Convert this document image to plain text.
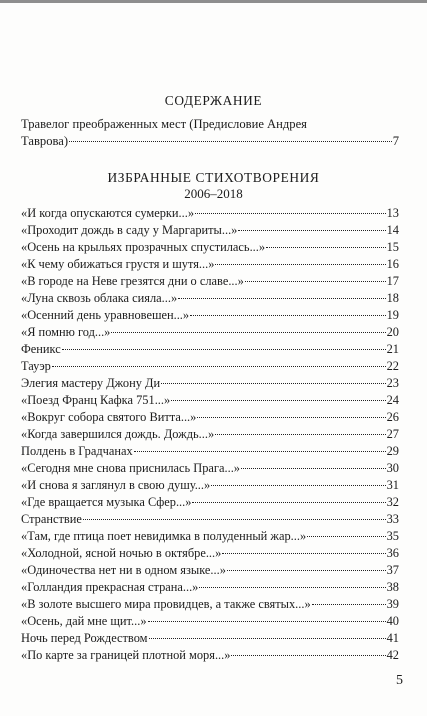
СОДЕРЖАНИЕ
Травелог преображенных мест (Предисловие Андрея
Таврова)	7
ИЗБРАННЫЕ СТИХОТВОРЕНИЯ
2006–2018
«И когда опускаются сумерки...»	13
«Проходит дождь в саду у Маргариты...»	14
«Осень на крыльях прозрачных спустилась...»	15
«К чему обижаться грустя и шутя...»	16
«В городе на Неве грезятся дни о славе...»	17
«Луна сквозь облака сияла...»	18
«Осенний день уравновешен...»	19
«Я помню год...»	20
Феникс	21
Тауэр	22
Элегия мастеру Джону Ди	23
«Поезд Франц Кафка 751...»	24
«Вокруг собора святого Витта...»	26
«Когда завершился дождь. Дождь...»	27
Полдень в Градчанах	29
«Сегодня мне снова приснилась Прага...»	30
«И снова я заглянул в свою душу...»	31
«Где вращается музыка Сфер...»	32
Странствие	33
«Там, где птица поет невидимка в полуденный жар...»	35
«Холодной, ясной ночью в октябре...»	36
«Одиночества нет ни в одном языке...»	37
«Голландия прекрасная страна...»	38
«В золоте высшего мира провидцев, а также святых...»	39
«Осень, дай мне щит...»	40
Ночь перед Рождеством	41
«По карте за границей плотной моря...»	42
5
